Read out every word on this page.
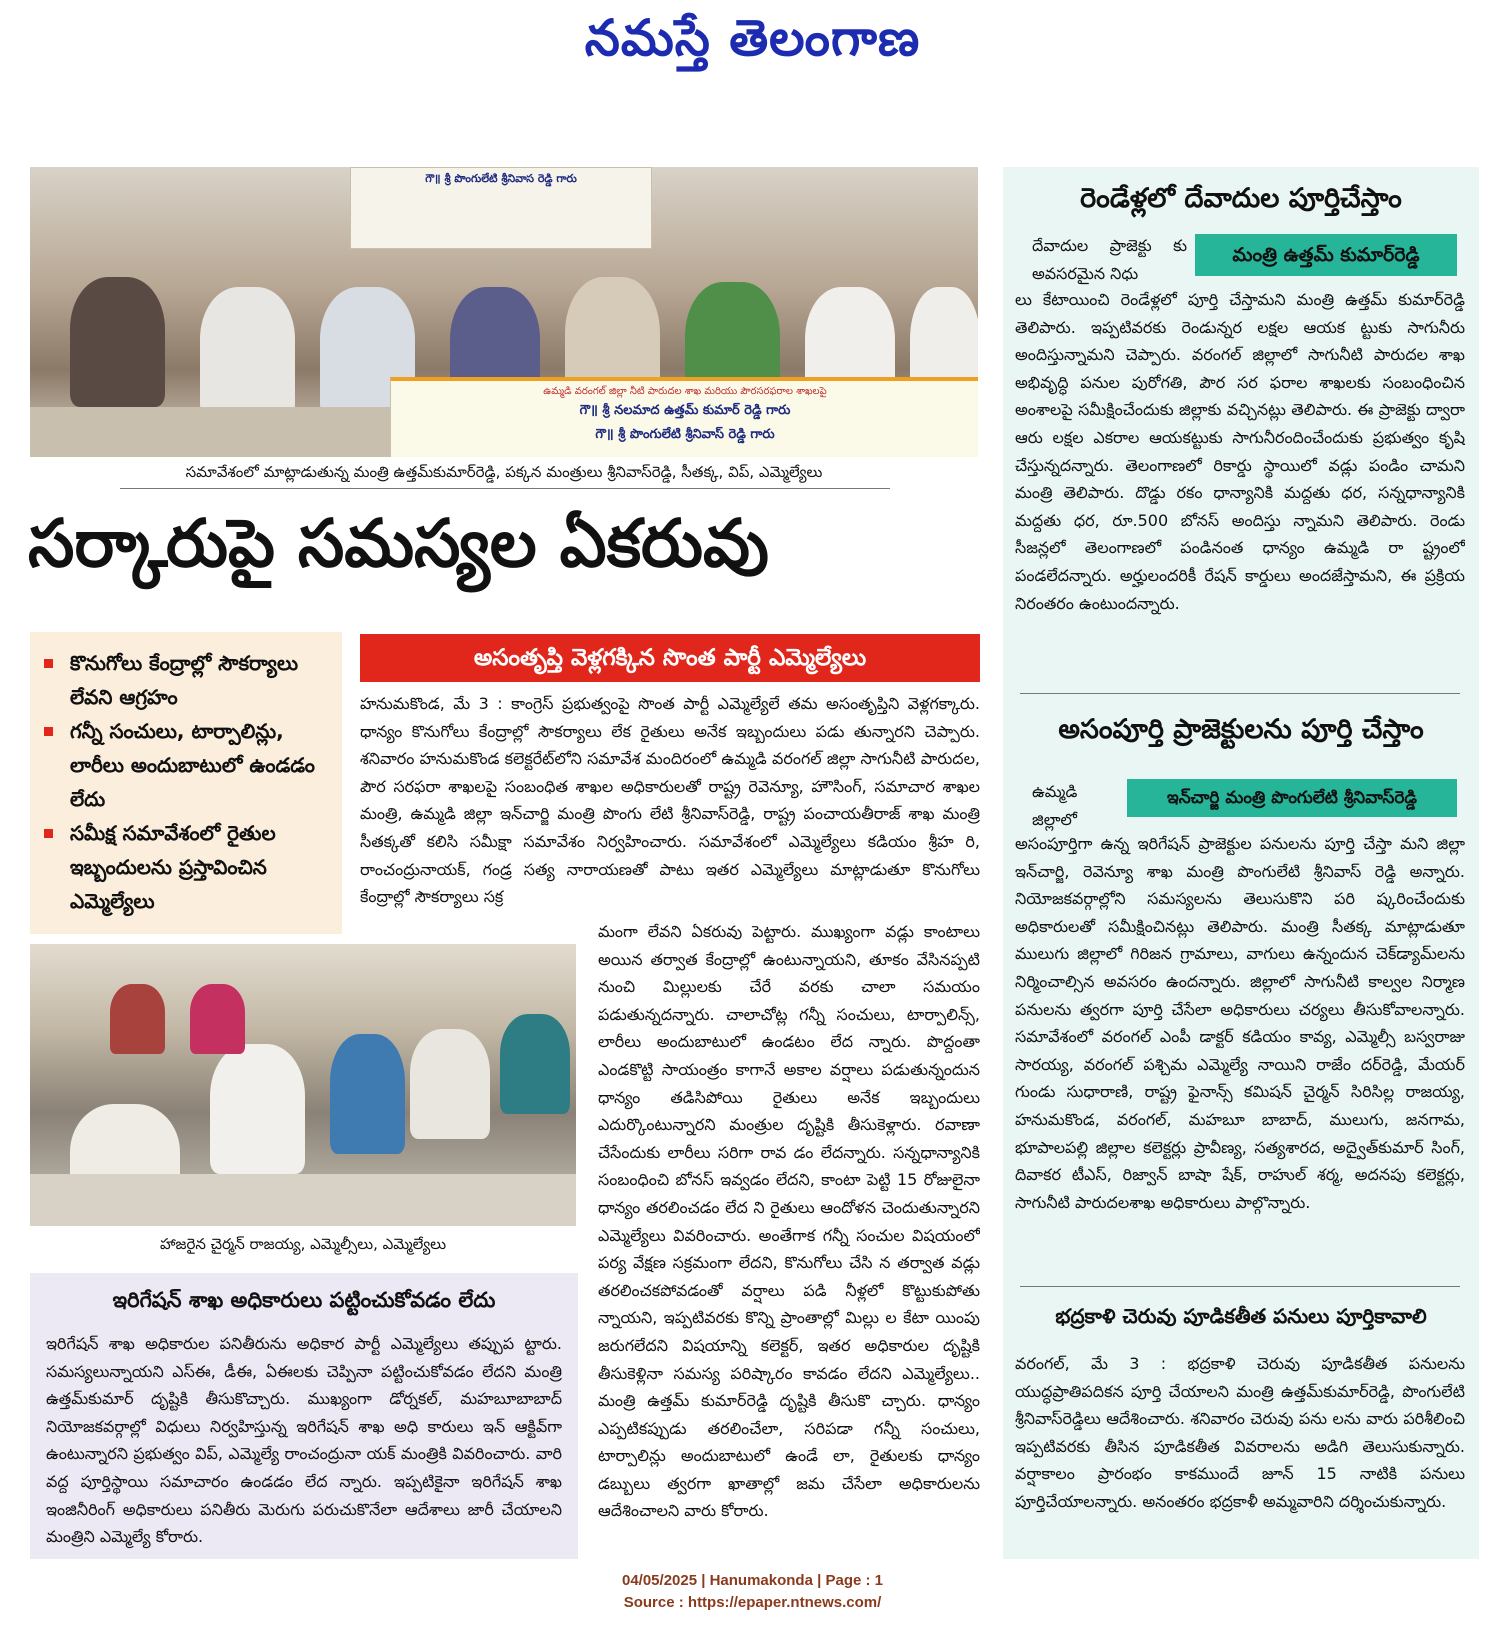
నమస్తే తెలంగాణ
గౌ॥ శ్రీ పొంగులేటి శ్రీనివాస రెడ్డి గారు
ఉమ్మడి వరంగల్ జిల్లా నీటి పారుదల శాఖ మరియు పౌరసరఫరాల శాఖలపై
గౌ॥ శ్రీ నలమాద ఉత్తమ్ కుమార్ రెడ్డి గారు
గౌ॥ శ్రీ పొంగులేటి శ్రీనివాస్ రెడ్డి గారు
సమావేశంలో మాట్లాడుతున్న మంత్రి ఉత్తమ్‌కుమార్‌రెడ్డి, పక్కన మంత్రులు శ్రీనివాస్‌రెడ్డి, సీతక్క, విప్, ఎమ్మెల్యేలు
సర్కారుపై సమస్యల ఏకరువు
కొనుగోలు కేంద్రాల్లో సౌకర్యాలు లేవని ఆగ్రహం
గన్నీ సంచులు, టార్పాలిన్లు, లారీలు అందుబాటులో ఉండడం లేదు
సమీక్ష సమావేశంలో రైతుల ఇబ్బందులను ప్రస్తావించిన ఎమ్మెల్యేలు
అసంతృప్తి వెళ్లగక్కిన సొంత పార్టీ ఎమ్మెల్యేలు

హనుమకొండ, మే 3 : కాంగ్రెస్ ప్రభుత్వంపై సొంత పార్టీ ఎమ్మెల్యేలే తమ అసంతృప్తిని వెళ్లగక్కారు. ధాన్యం కొనుగోలు కేంద్రాల్లో సౌకర్యాలు లేక రైతులు అనేక ఇబ్బందులు పడు తున్నారని చెప్పారు. శనివారం హనుమకొండ కలెక్టరేట్‌లోని సమావేశ మందిరంలో ఉమ్మడి వరంగల్ జిల్లా సాగునీటి పారుదల, పౌర సరఫరా శాఖలపై సంబంధిత శాఖల అధికారులతో రాష్ట్ర రెవెన్యూ, హౌసింగ్, సమాచార శాఖల మంత్రి, ఉమ్మడి జిల్లా ఇన్‌చార్జి మంత్రి పొంగు లేటి శ్రీనివాస్‌రెడ్డి, రాష్ట్ర పంచాయతీరాజ్ శాఖ మంత్రి సీతక్కతో కలిసి సమీక్షా సమావేశం నిర్వహించారు. సమావేశంలో ఎమ్మెల్యేలు కడియం శ్రీహ రి, రాంచంద్రునాయక్, గండ్ర సత్య నారాయణతో పాటు ఇతర ఎమ్మెల్యేలు మాట్లాడుతూ కొనుగోలు కేంద్రాల్లో సౌకర్యాలు సక్ర

హాజరైన చైర్మన్ రాజయ్య, ఎమ్మెల్సీలు, ఎమ్మెల్యేలు

మంగా లేవని ఏకరువు పెట్టారు. ముఖ్యంగా వడ్లు కాంటాలు అయిన తర్వాత కేంద్రాల్లో ఉంటున్నాయని, తూకం వేసినప్పటి నుంచి మిల్లులకు చేరే వరకు చాలా సమయం పడుతున్నదన్నారు. చాలాచోట్ల గన్నీ సంచులు, టార్పాలిన్స్, లారీలు అందుబాటులో ఉండటం లేద న్నారు. పొద్దంతా ఎండకొట్టి సాయంత్రం కాగానే అకాల వర్షాలు పడుతున్నందున ధాన్యం తడిసిపోయి రైతులు అనేక ఇబ్బందులు ఎదుర్కొంటున్నారని మంత్రుల దృష్టికి తీసుకెళ్లారు. రవాణా చేసేందుకు లారీలు సరిగా రావ డం లేదన్నారు. సన్నధాన్యానికి సంబంధించి బోనస్ ఇవ్వడం లేదని, కాంటా పెట్టి 15 రోజులైనా ధాన్యం తరలించడం లేద ని రైతులు ఆందోళన చెందుతున్నారని ఎమ్మెల్యేలు వివరించారు. అంతేగాక గన్నీ సంచుల విషయంలో పర్య వేక్షణ సక్రమంగా లేదని, కొనుగోలు చేసి న తర్వాత వడ్లు తరలించకపోవడంతో వర్షాలు పడి నీళ్లలో కొట్టుకుపోతు న్నాయని, ఇప్పటివరకు కొన్ని ప్రాంతాల్లో మిల్లు ల కేటా యింపు జరుగలేదని విషయాన్ని కలెక్టర్, ఇతర అధికారుల దృష్టికి తీసుకెళ్లినా సమస్య పరిష్కారం కావడం లేదని ఎమ్మెల్యేలు.. మంత్రి ఉత్తమ్ కుమార్‌రెడ్డి దృష్టికి తీసుకొ చ్చారు. ధాన్యం ఎప్పటికప్పుడు తరలించేలా, సరిపడా గన్నీ సంచులు, టార్పాలిన్లు అందుబాటులో ఉండే లా, రైతులకు ధాన్యం డబ్బులు త్వరగా ఖాతాల్లో జమ చేసేలా అధికారులను ఆదేశించాలని వారు కోరారు.

ఇరిగేషన్ శాఖ అధికారులు పట్టించుకోవడం లేదు

ఇరిగేషన్ శాఖ అధికారుల పనితీరును అధికార పార్టీ ఎమ్మెల్యేలు తప్పుప ట్టారు. సమస్యలున్నాయని ఎస్ఈ, డీఈ, ఏఈలకు చెప్పినా పట్టించుకోవడం లేదని మంత్రి ఉత్తమ్‌కుమార్ దృష్టికి తీసుకొచ్చారు. ముఖ్యంగా డోర్నకల్, మహబూబాబాద్ నియోజకవర్గాల్లో విధులు నిర్వహిస్తున్న ఇరిగేషన్ శాఖ అధి కారులు ఇన్ ఆక్టివ్‌గా ఉంటున్నారని ప్రభుత్వం విప్, ఎమ్మెల్యే రాంచంద్రునా యక్ మంత్రికి వివరించారు. వారి వద్ద పూర్తిస్థాయి సమాచారం ఉండడం లేద న్నారు. ఇప్పటికైనా ఇరిగేషన్ శాఖ ఇంజినీరింగ్ అధికారులు పనితీరు మెరుగు పరుచుకొనేలా ఆదేశాలు జారీ చేయాలని మంత్రిని ఎమ్మెల్యే కోరారు.

రెండేళ్లలో దేవాదుల పూర్తిచేస్తాం

దేవాదుల ప్రాజెక్టు కు అవసరమైన నిధు

మంత్రి ఉత్తమ్ కుమార్‌రెడ్డి

లు కేటాయించి రెండేళ్లలో పూర్తి చేస్తామని మంత్రి ఉత్తమ్ కుమార్‌రెడ్డి తెలిపారు. ఇప్పటివరకు రెండున్నర లక్షల ఆయక ట్టుకు సాగునీరు అందిస్తున్నామని చెప్పారు. వరంగల్ జిల్లాలో సాగునీటి పారుదల శాఖ అభివృద్ధి పనుల పురోగతి, పౌర సర ఫరాల శాఖలకు సంబంధించిన అంశాలపై సమీక్షించేందుకు జిల్లాకు వచ్చినట్లు తెలిపారు. ఈ ప్రాజెక్టు ద్వారా ఆరు లక్షల ఎకరాల ఆయకట్టుకు సాగునీరందించేందుకు ప్రభుత్వం కృషి చేస్తున్నదన్నారు. తెలంగాణలో రికార్డు స్థాయిలో వడ్లు పండిం చామని మంత్రి తెలిపారు. దొడ్డు రకం ధాన్యానికి మద్దతు ధర, సన్నధాన్యానికి మద్దతు ధర, రూ.500 బోనస్ అందిస్తు న్నామని తెలిపారు. రెండు సీజన్లలో తెలంగాణలో పండినంత ధాన్యం ఉమ్మడి రా ష్ట్రంలో పండలేదన్నారు. అర్హులందరికీ రేషన్ కార్డులు అందజేస్తామని, ఈ ప్రక్రియ నిరంతరం ఉంటుందన్నారు.

అసంపూర్తి ప్రాజెక్టులను పూర్తి చేస్తాం

ఉమ్మడి జిల్లాలో

ఇన్‌చార్జి మంత్రి పొంగులేటి శ్రీనివాస్‌రెడ్డి

అసంపూర్తిగా ఉన్న ఇరిగేషన్ ప్రాజెక్టుల పనులను పూర్తి చేస్తా మని జిల్లా ఇన్‌చార్జి, రెవెన్యూ శాఖ మంత్రి పొంగులేటి శ్రీనివాస్ రెడ్డి అన్నారు. నియోజకవర్గాల్లోని సమస్యలను తెలుసుకొని పరి ష్కరించేందుకు అధికారులతో సమీక్షించినట్లు తెలిపారు. మంత్రి సీతక్క మాట్లాడుతూ ములుగు జిల్లాలో గిరిజన గ్రామాలు, వాగులు ఉన్నందున చెక్‌డ్యామ్‌లను నిర్మించాల్సిన అవసరం ఉందన్నారు. జిల్లాలో సాగునీటి కాల్వల నిర్మాణ పనులను త్వరగా పూర్తి చేసేలా అధికారులు చర్యలు తీసుకోవాలన్నారు. సమావేశంలో వరంగల్ ఎంపీ డాక్టర్ కడియం కావ్య, ఎమ్మెల్సీ బస్వరాజు సారయ్య, వరంగల్ పశ్చిమ ఎమ్మెల్యే నాయిని రాజేం దర్‌రెడ్డి, మేయర్ గుండు సుధారాణి, రాష్ట్ర ఫైనాన్స్ కమిషన్ చైర్మన్ సిరిసిల్ల రాజయ్య, హనుమకొండ, వరంగల్, మహబూ బాబాద్, ములుగు, జనగామ, భూపాలపల్లి జిల్లాల కలెక్టర్లు ప్రావీణ్య, సత్యశారద, అద్వైత్‌కుమార్ సింగ్, దివాకర టీఎస్, రిజ్వాన్ బాషా షేక్, రాహుల్ శర్మ, అదనపు కలెక్టర్లు, సాగునీటి పారుదలశాఖ అధికారులు పాల్గొన్నారు.

భద్రకాళి చెరువు పూడికతీత పనులు పూర్తికావాలి

వరంగల్, మే 3 : భద్రకాళి చెరువు పూడికతీత పనులను యుద్ధప్రాతిపదికన పూర్తి చేయాలని మంత్రి ఉత్తమ్‌కుమార్‌రెడ్డి, పొంగులేటి శ్రీనివాస్‌రెడ్డిలు ఆదేశించారు. శనివారం చెరువు పను లను వారు పరిశీలించి ఇప్పటివరకు తీసిన పూడికతీత వివరాలను అడిగి తెలుసుకున్నారు. వర్షాకాలం ప్రారంభం కాకముందే జూన్ 15 నాటికి పనులు పూర్తిచేయాలన్నారు. అనంతరం భద్రకాళీ అమ్మవారిని దర్శించుకున్నారు.

04/05/2025 | Hanumakonda | Page : 1
Source : https://epaper.ntnews.com/
